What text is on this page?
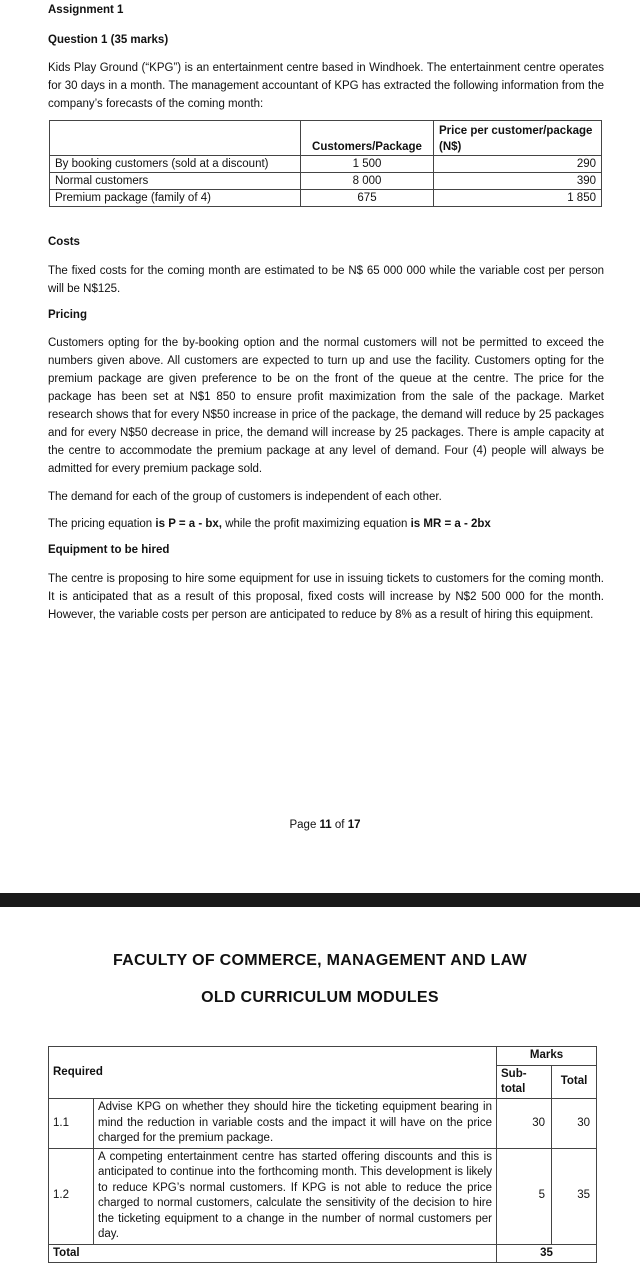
Assignment 1
Question 1 (35 marks)
Kids Play Ground (“KPG”) is an entertainment centre based in Windhoek. The entertainment centre operates for 30 days in a month. The management accountant of KPG has extracted the following information from the company’s forecasts of the coming month:
	Customers/Package	Price per customer/package (N$)
By booking customers (sold at a discount)	1 500	290
Normal customers	8 000	390
Premium package (family of 4)	675	1 850
Costs
The fixed costs for the coming month are estimated to be N$ 65 000 000 while the variable cost per person will be N$125.
Pricing
Customers opting for the by-booking option and the normal customers will not be permitted to exceed the numbers given above. All customers are expected to turn up and use the facility. Customers opting for the premium package are given preference to be on the front of the queue at the centre. The price for the package has been set at N$1 850 to ensure profit maximization from the sale of the package. Market research shows that for every N$50 increase in price of the package, the demand will reduce by 25 packages and for every N$50 decrease in price, the demand will increase by 25 packages. There is ample capacity at the centre to accommodate the premium package at any level of demand. Four (4) people will always be admitted for every premium package sold.
The demand for each of the group of customers is independent of each other.
The pricing equation is P = a - bx, while the profit maximizing equation is MR = a - 2bx
Equipment to be hired
The centre is proposing to hire some equipment for use in issuing tickets to customers for the coming month. It is anticipated that as a result of this proposal, fixed costs will increase by N$2 500 000 for the month. However, the variable costs per person are anticipated to reduce by 8% as a result of hiring this equipment.
Page 11 of 17
FACULTY OF COMMERCE, MANAGEMENT AND LAW
OLD CURRICULUM MODULES
Required		Marks	
		Sub-total	Total
1.1	Advise KPG on whether they should hire the ticketing equipment bearing in mind the reduction in variable costs and the impact it will have on the price charged for the premium package.	30	30
1.2	A competing entertainment centre has started offering discounts and this is anticipated to continue into the forthcoming month. This development is likely to reduce KPG’s normal customers. If KPG is not able to reduce the price charged to normal customers, calculate the sensitivity of the decision to hire the ticketing equipment to a change in the number of normal customers per day.	5	35
Total		35	
